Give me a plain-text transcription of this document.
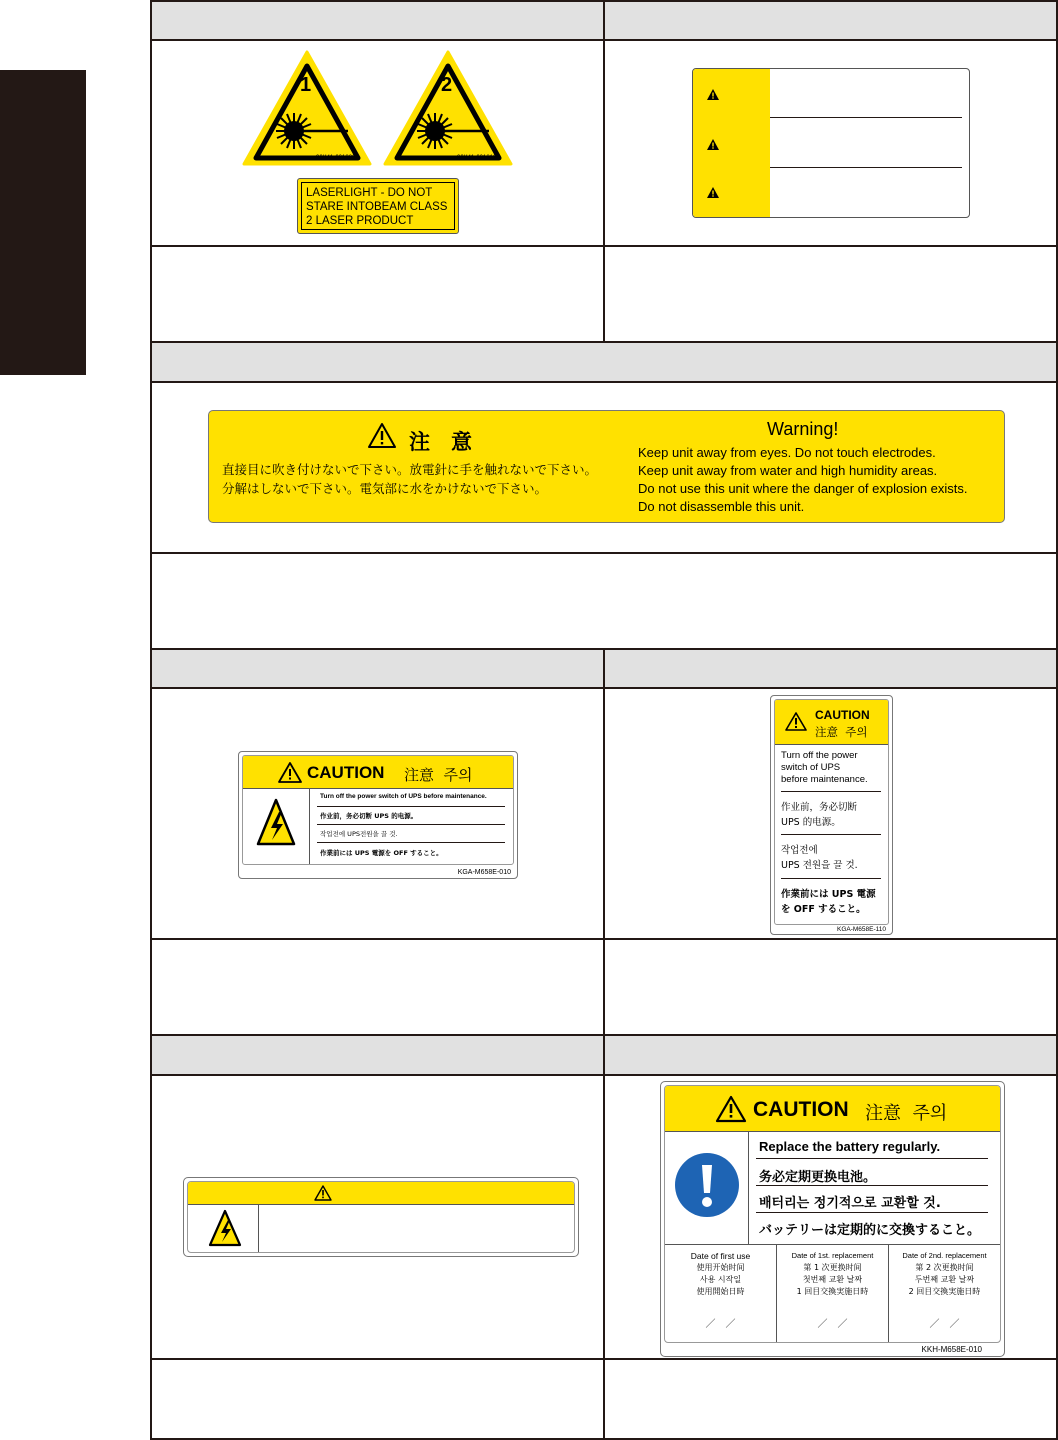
1
90K41-001820
2
90K41-001810
LASERLIGHT - DO NOT
STARE INTOBEAM CLASS
2 LASER PRODUCT
注　意
直接目に吹き付けないで下さい。放電針に手を触れないで下さい。
分解はしないで下さい。電気部に水をかけないで下さい。
Warning!
Keep unit away from eyes. Do not touch electrodes.
Keep unit away from water and high humidity areas.
Do not use this unit where the danger of explosion exists.
Do not disassemble this unit.
CAUTION 注意  주의
Turn off the power switch of UPS before maintenance.
作业前，务必切断 UPS 的电源。
작업전에 UPS전원을 끌 것.
作業前には UPS 電源を OFF すること。
KGA-M658E-010
CAUTION
注意  주의
Turn off the power
switch of UPS
before maintenance.
作业前，务必切断
UPS 的电源。
작업전에
UPS 전원을 끌 것.
作業前には UPS 電源
を OFF すること。
KGA-M658E-110
CAUTION 注意  주의
Replace the battery regularly.
务必定期更换电池。
배터리는 정기적으로 교환할 것.
バッテリーは定期的に交換すること。
Date of first use
使用开始时间
사용 시작일
使用開始日時
／　／
Date of 1st. replacement
第 1 次更换时间
첫번째 교환 날짜
1 回目交換実施日時
／　／
Date of 2nd. replacement
第 2 次更换时间
두번째 교환 날짜
2 回目交換実施日時
／　／
KKH-M658E-010
